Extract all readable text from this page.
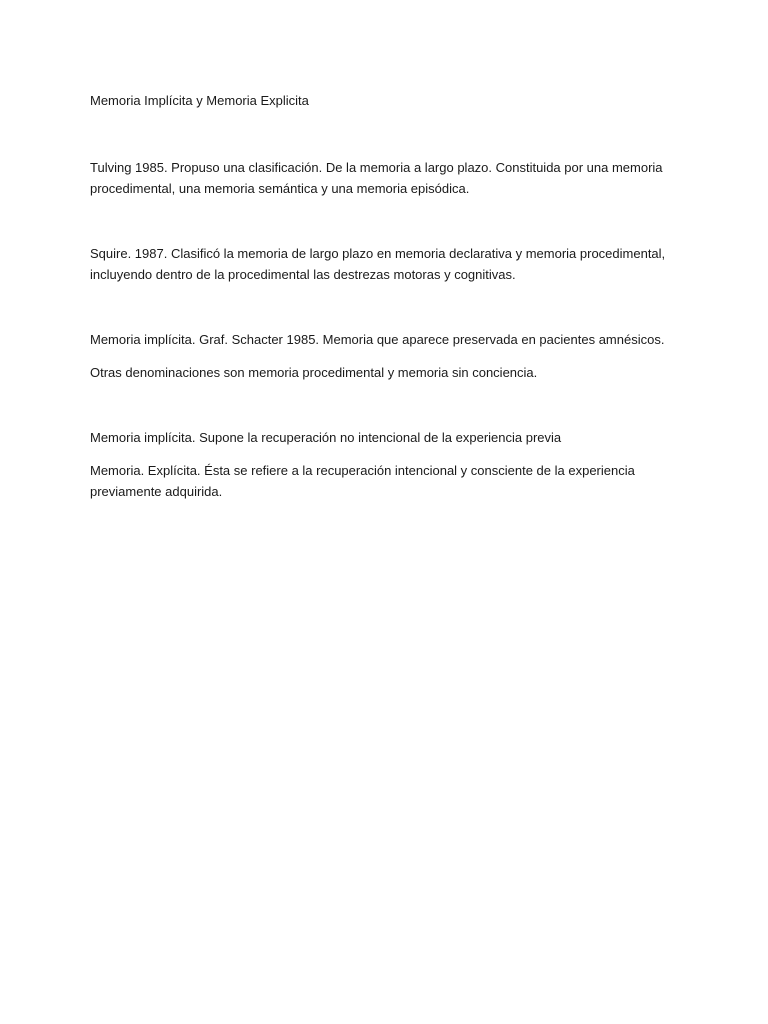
Memoria Implícita y Memoria Explicita

Tulving 1985. Propuso una clasificación. De la memoria a largo plazo. Constituida por una memoria procedimental, una memoria semántica y una memoria episódica.

Squire. 1987. Clasificó la memoria de largo plazo en memoria declarativa y memoria procedimental, incluyendo dentro de la procedimental las destrezas motoras y cognitivas.

Memoria implícita. Graf. Schacter 1985. Memoria que aparece preservada en pacientes amnésicos.

Otras denominaciones son memoria procedimental y memoria sin conciencia.

Memoria implícita. Supone la recuperación no intencional de la experiencia previa

Memoria. Explícita. Ésta se refiere a la recuperación intencional y consciente de la experiencia previamente adquirida.
